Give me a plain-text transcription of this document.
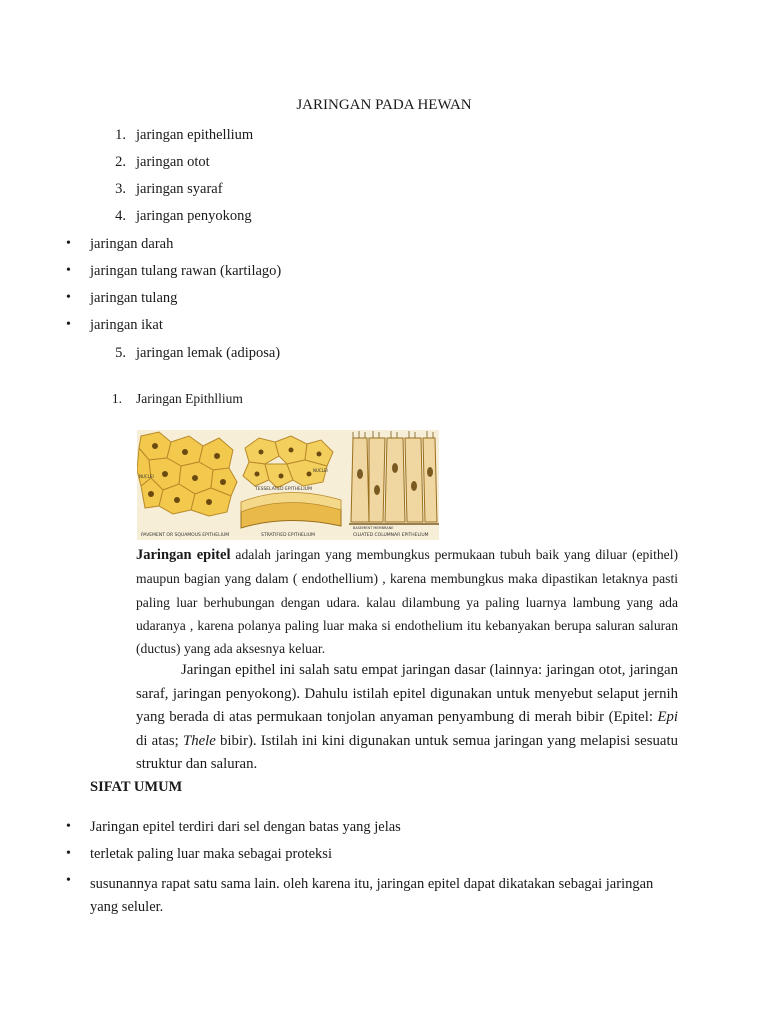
JARINGAN PADA HEWAN
1. jaringan epithellium
2. jaringan otot
3. jaringan syaraf
4. jaringan penyokong
• jaringan darah
• jaringan tulang rawan (kartilago)
• jaringan tulang
• jaringan ikat
5. jaringan lemak (adiposa)
1. Jaringan Epithllium
PAVEMENT OR SQUAMOUS EPITHELIUM
TESSELATED EPITHELIUM
STRATIFIED EPITHELIUM	CILIATED COLUMNAR EPITHELIUM
BASEMENT MEMBRANE
NUCLEI
NUCLEI
Jaringan epitel adalah jaringan yang membungkus permukaan tubuh baik yang diluar (epithel) maupun bagian yang dalam ( endothellium) , karena membungkus maka dipastikan letaknya pasti paling luar berhubungan dengan udara. kalau dilambung ya paling luarnya lambung yang ada udaranya , karena polanya paling luar maka si endothelium itu kebanyakan berupa saluran saluran (ductus) yang ada aksesnya keluar.
Jaringan epithel ini salah satu empat jaringan dasar (lainnya: jaringan otot, jaringan saraf, jaringan penyokong). Dahulu istilah epitel digunakan untuk menyebut selaput jernih yang berada di atas permukaan tonjolan anyaman penyambung di merah bibir (Epitel: Epi di atas; Thele bibir). Istilah ini kini digunakan untuk semua jaringan yang melapisi sesuatu struktur dan saluran.
SIFAT UMUM
• Jaringan epitel terdiri dari sel dengan batas yang jelas
• terletak paling luar maka sebagai proteksi
• susunannya rapat satu sama lain. oleh karena itu, jaringan epitel dapat dikatakan sebagai jaringan yang seluler.
